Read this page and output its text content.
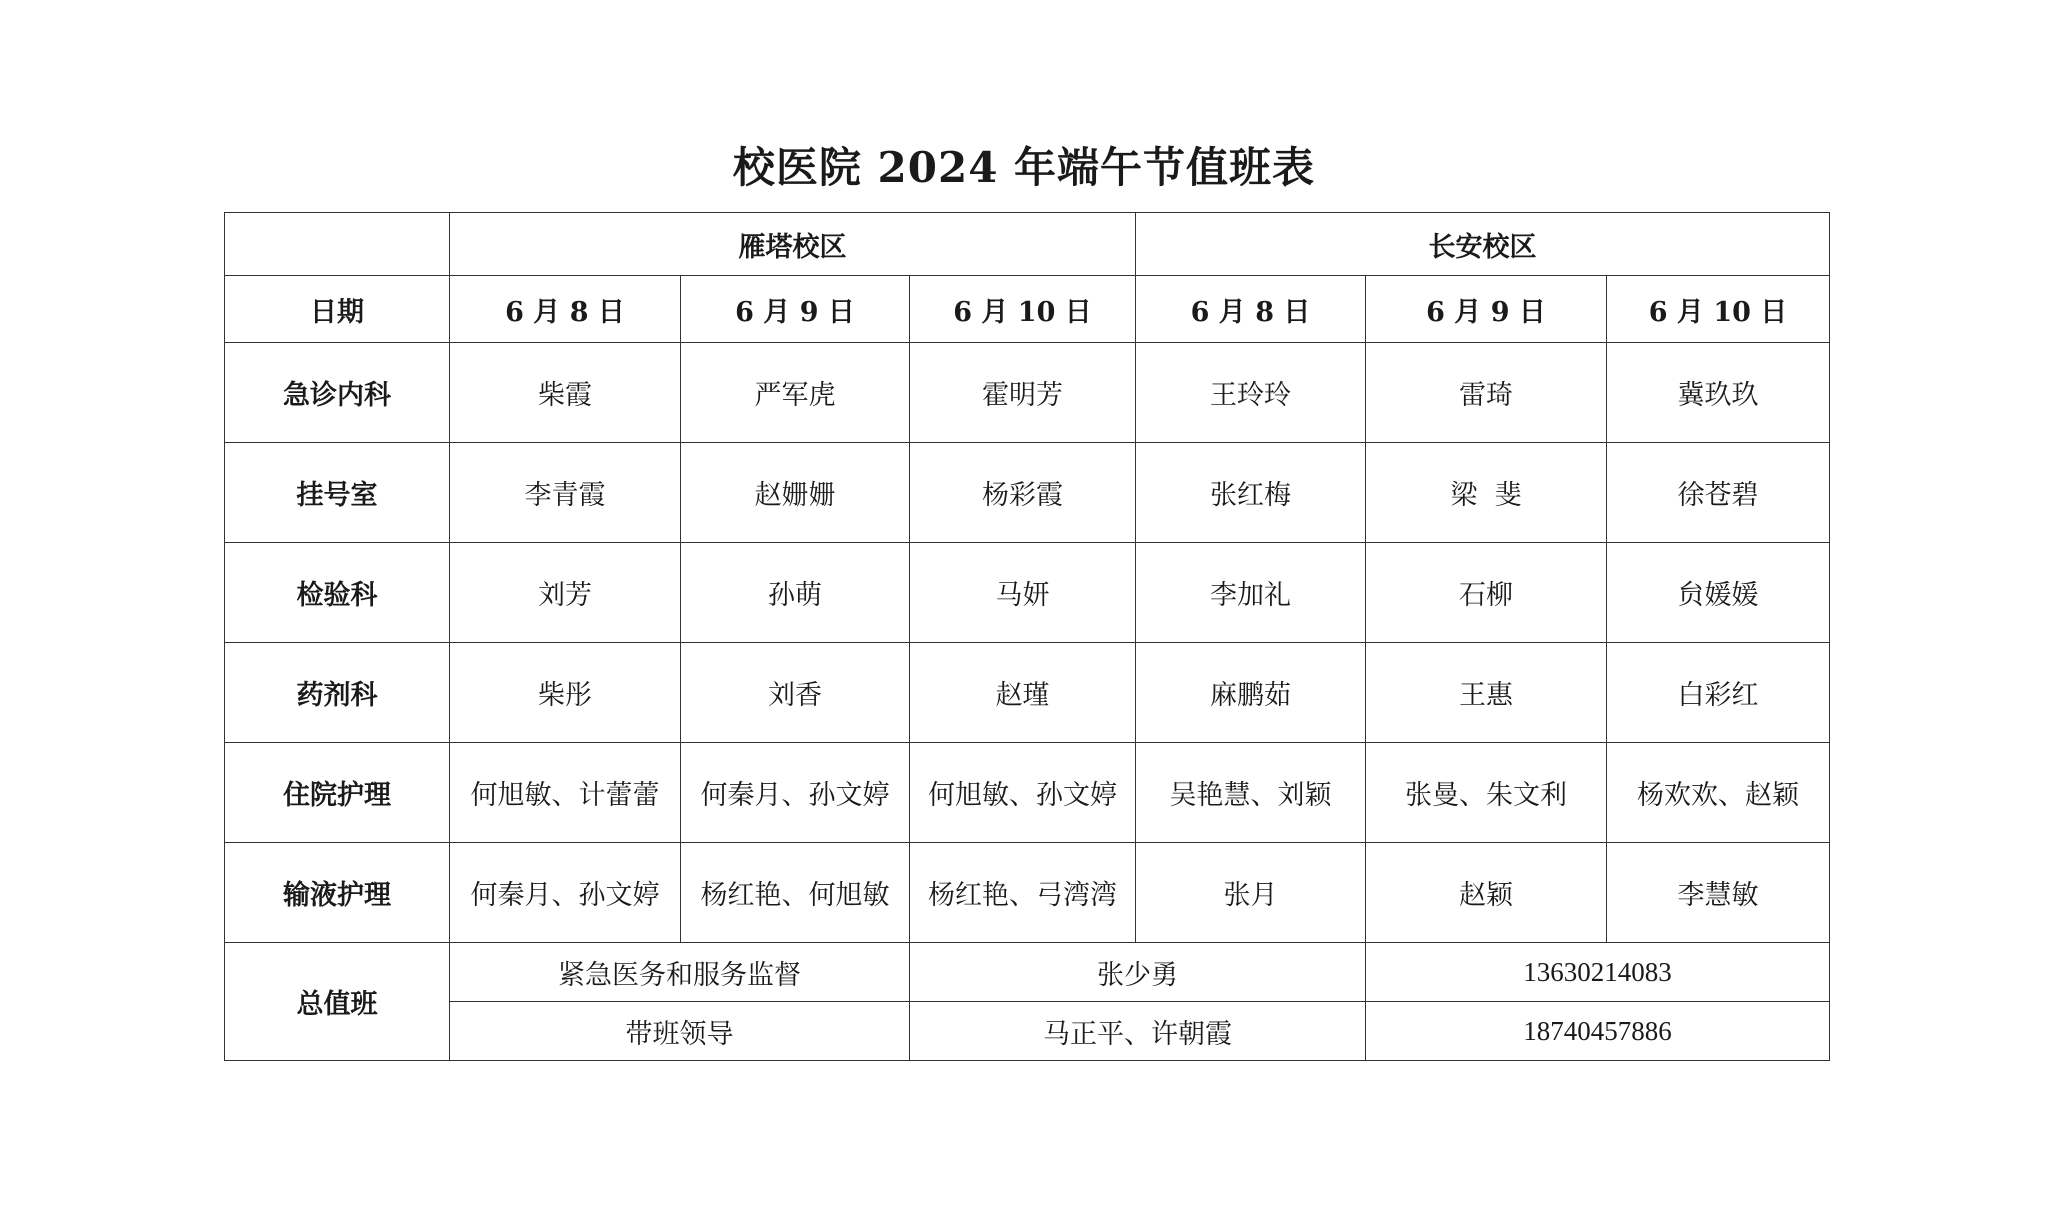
校医院 2024 年端午节值班表
	雁塔校区			长安校区		
日期	6 月 8 日	6 月 9 日	6 月 10 日	6 月 8 日	6 月 9 日	6 月 10 日
急诊内科	柴霞	严军虎	霍明芳	王玲玲	雷琦	冀玖玖
挂号室	李青霞	赵姗姗	杨彩霞	张红梅	梁  斐	徐苍碧
检验科	刘芳	孙萌	马妍	李加礼	石柳	贠媛媛
药剂科	柴彤	刘香	赵瑾	麻鹏茹	王惠	白彩红
住院护理	何旭敏、计蕾蕾	何秦月、孙文婷	何旭敏、孙文婷	吴艳慧、刘颖	张曼、朱文利	杨欢欢、赵颖
输液护理	何秦月、孙文婷	杨红艳、何旭敏	杨红艳、弓湾湾	张月	赵颖	李慧敏
总值班	紧急医务和服务监督		张少勇		13630214083	
	带班领导		马正平、许朝霞		18740457886	
